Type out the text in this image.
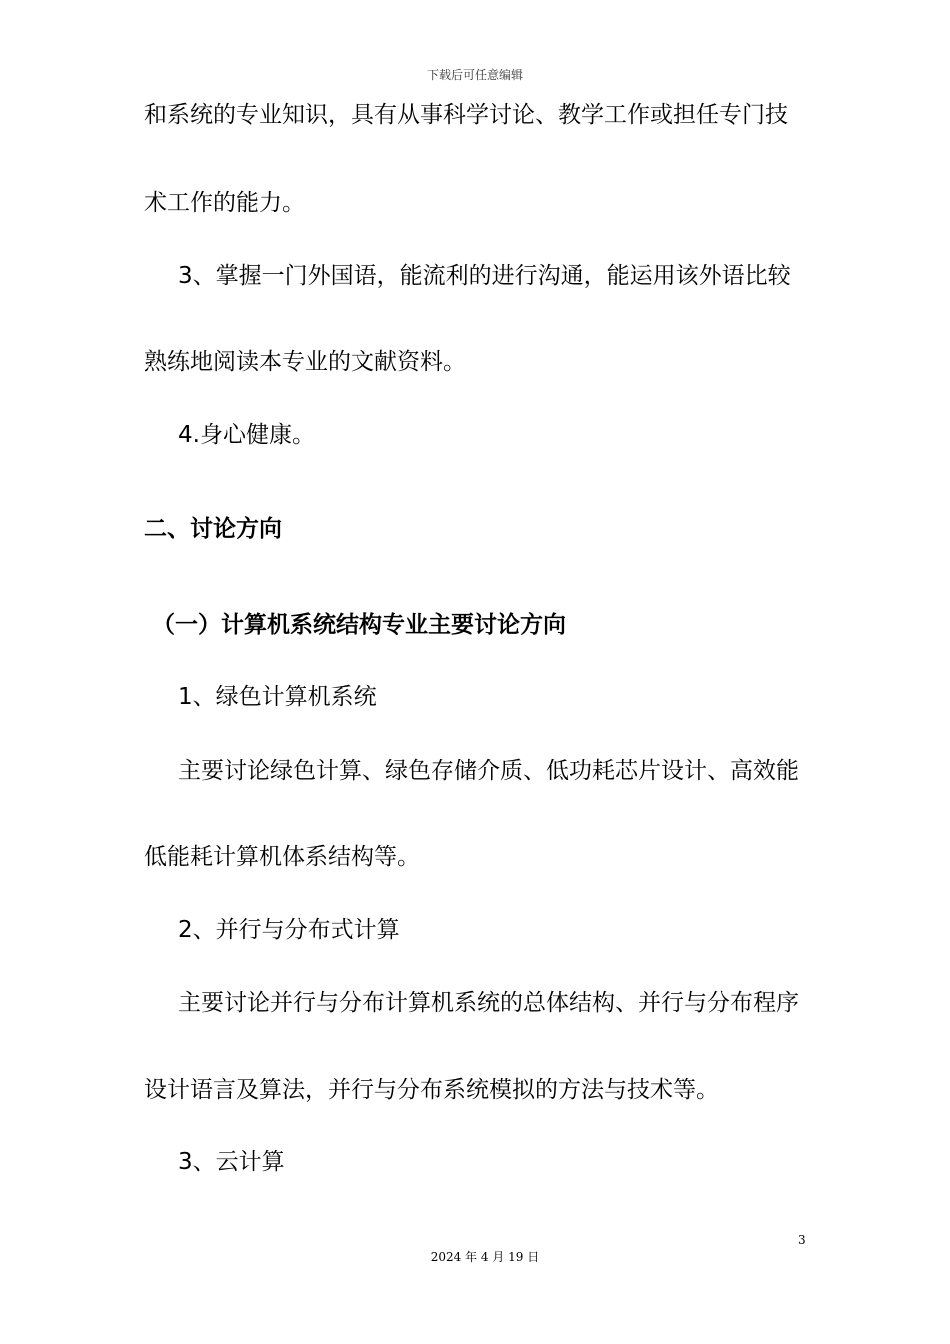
下载后可任意编辑
和系统的专业知识，具有从事科学讨论、教学工作或担任专门技
术工作的能力。
3、掌握一门外国语，能流利的进行沟通，能运用该外语比较
熟练地阅读本专业的文献资料。
4.身心健康。
二、讨论方向
（一）计算机系统结构专业主要讨论方向
1、绿色计算机系统
主要讨论绿色计算、绿色存储介质、低功耗芯片设计、高效能
低能耗计算机体系结构等。
2、并行与分布式计算
主要讨论并行与分布计算机系统的总体结构、并行与分布程序
设计语言及算法，并行与分布系统模拟的方法与技术等。
3、云计算
3
2024 年 4 月 19 日
